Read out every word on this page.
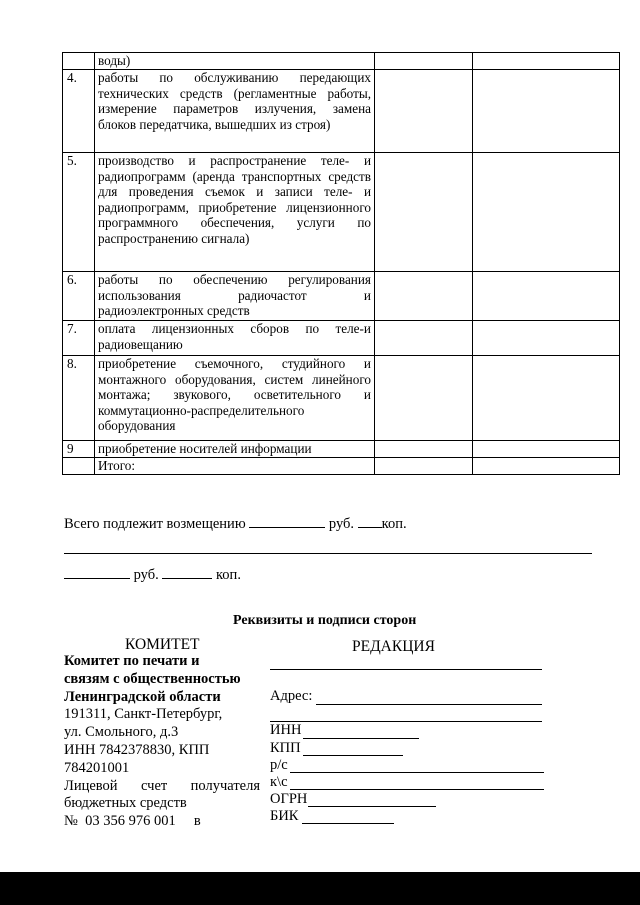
	воды)		
4.	работы по обслуживанию передающих технических средств (регламентные работы, измерение параметров излучения, замена блоков передатчика, вышедших из строя)		
5.	производство и распространение теле- и радиопрограмм (аренда транспортных средств для проведения съемок и записи теле- и радиопрограмм, приобретение лицензионного программного обеспечения, услуги по распространению сигнала)		
6.	работы по обеспечению регулирования использования радиочастот и радиоэлектронных средств		
7.	оплата лицензионных сборов по теле-и радиовещанию		
8.	приобретение съемочного, студийного и монтажного оборудования, систем линейного монтажа; звукового, осветительного и коммутационно-распределительного оборудования		
9	приобретение носителей информации		
	Итого:		
Всего подлежит возмещению	руб. коп.
руб.	коп.
Реквизиты и подписи сторон
КОМИТЕТ	РЕДАКЦИЯ
Комитет по печати и
связям с общественностью
Ленинградской области
191311, Санкт-Петербург,
ул. Смольного, д.3
ИНН 7842378830, КПП
784201001
Лицевой счет получателя
бюджетных средств
№  03 356 976 001     в
Адрес:
ИНН
КПП
р/с
к\с
ОГРН
БИК
